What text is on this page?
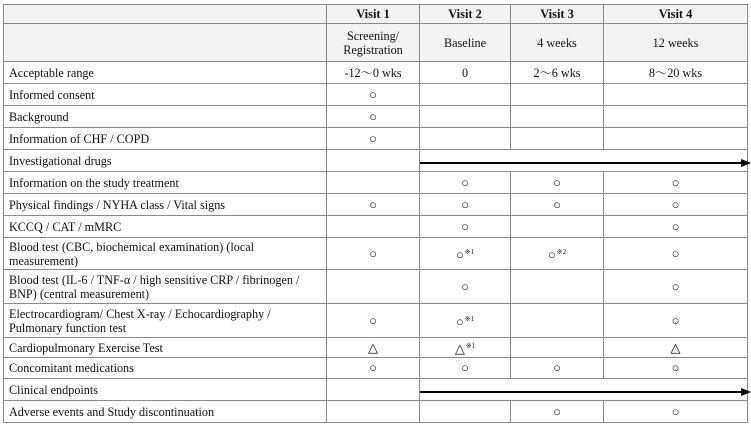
	Visit 1	Visit 2	Visit 3	Visit 4
	Screening/ Registration	Baseline	4 weeks	12 weeks
Acceptable range	-12〜0 wks	0	2〜6 wks	8〜20 wks
Informed consent	○			
Background	○			
Information of CHF / COPD	○			
Investigational drugs		

Information on the study treatment		○	○	○
Physical findings / NYHA class / Vital signs	○	○	○	○
KCCQ / CAT / mMRC		○		○
Blood test (CBC, biochemical examination) (local measurement)	○	○$^{※1}$	○$^{※2}$	○
Blood test (IL-6 / TNF-α / high sensitive CRP / fibrinogen / BNP) (central measurement)		○		○
Electrocardiogram/ Chest X-ray / Echocardiography / Pulmonary function test	○	○$^{※1}$		○
Cardiopulmonary Exercise Test	△	△$^{※1}$		△
Concomitant medications	○	○	○	○
Clinical endpoints		

Adverse events and Study discontinuation			○	○
